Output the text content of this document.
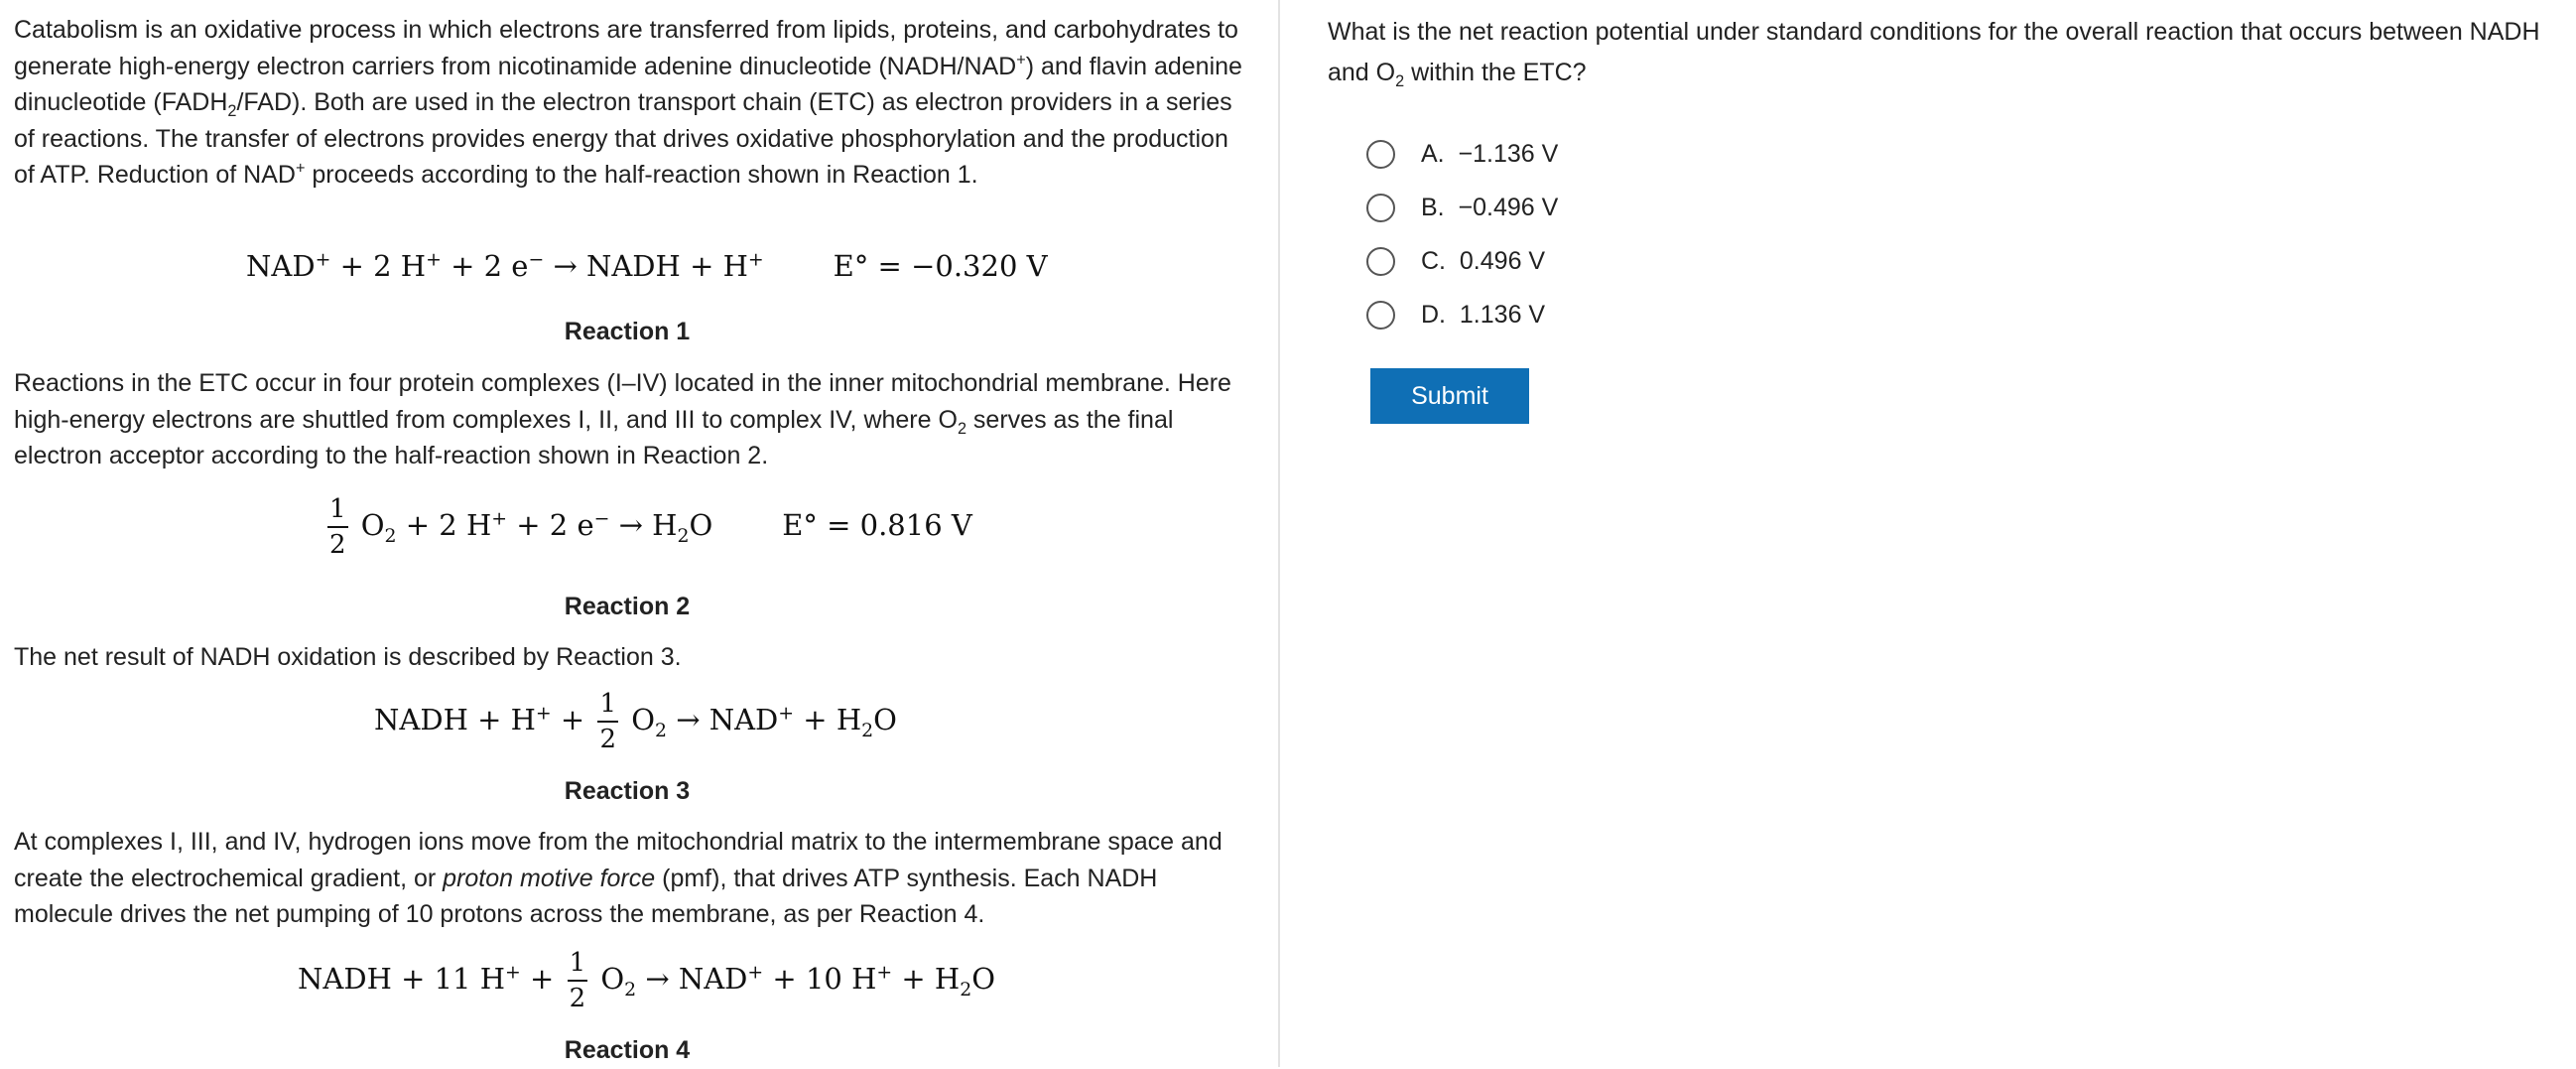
Catabolism is an oxidative process in which electrons are transferred from lipids, proteins, and carbohydrates to generate high-energy electron carriers from nicotinamide adenine dinucleotide (NADH/NAD+) and flavin adenine dinucleotide $(FADH_2/FAD)$. Both are used in the electron transport chain (ETC) as electron providers in a series of reactions. The transfer of electrons provides energy that drives oxidative phosphorylation and the production of ATP. Reduction of NAD+ proceeds according to the half-reaction shown in Reaction 1.

NAD+ + 2 H+ + 2 e− → NADH + H+ E° = −0.320 V
Reaction 1

Reactions in the ETC occur in four protein complexes (I–IV) located in the inner mitochondrial membrane. Here high-energy electrons are shuttled from complexes I, II, and III to complex IV, where $O_2$ serves as the final electron acceptor according to the half-reaction shown in Reaction 2.

$\frac{1}{2} O_2 + 2$ H+ + 2 $e^- \to H_2O$ E° = 0.816 V
Reaction 2

The net result of NADH oxidation is described by Reaction 3.

NADH + $H^+ + \frac{1}{2} O_2 \to NAD^+ + H_2O$
Reaction 3

At complexes I, III, and IV, hydrogen ions move from the mitochondrial matrix to the intermembrane space and create the electrochemical gradient, or proton motive force (pmf), that drives ATP synthesis. Each NADH molecule drives the net pumping of 10 protons across the membrane, as per Reaction 4.

NADH + 11 $H^+ + \frac{1}{2} O_2 \to NAD^+ + 10$ $H^+ + H_2O$
Reaction 4
What is the net reaction potential under standard conditions for the overall reaction that occurs between NADH and $O_2$ within the ETC?
A. −1.136 V
B. −0.496 V
C. 0.496 V
D. 1.136 V
Submit
